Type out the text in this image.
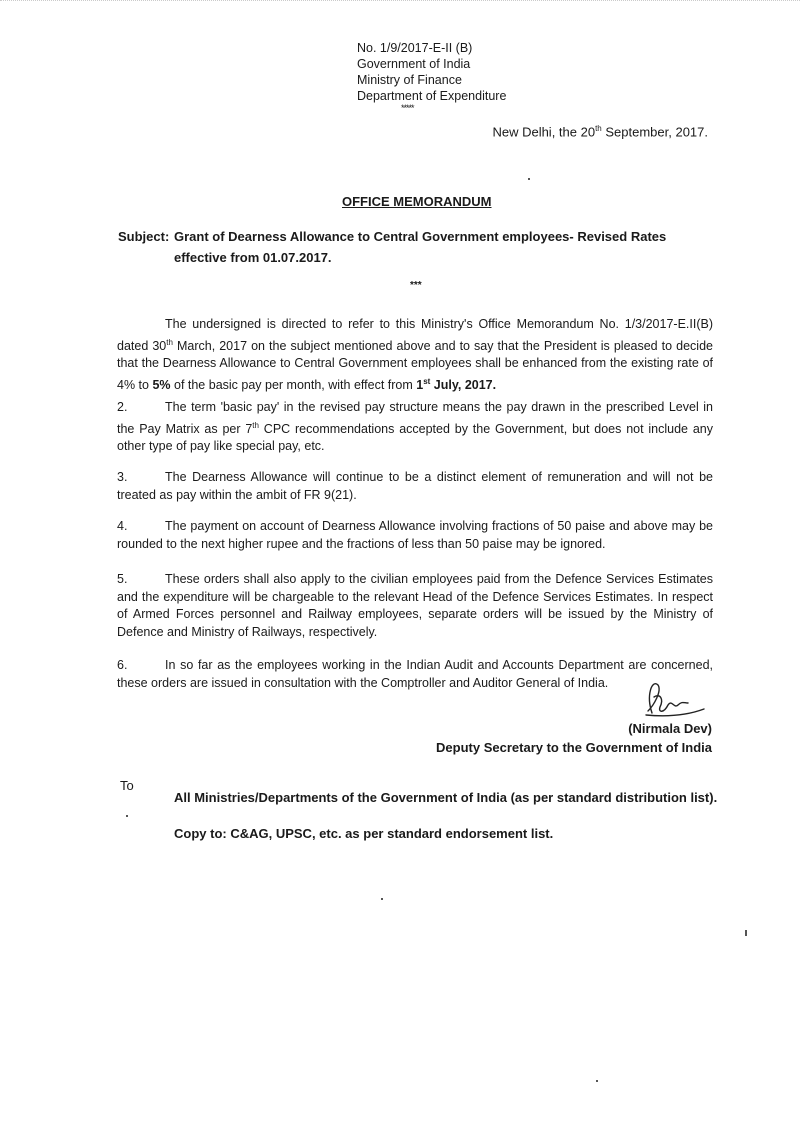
No. 1/9/2017-E-II (B)
Government of India
Ministry of Finance
Department of Expenditure
*****
New Delhi, the 20th September, 2017.
OFFICE MEMORANDUM
Subject: Grant of Dearness Allowance to Central Government employees- Revised Rates effective from 01.07.2017.
***
The undersigned is directed to refer to this Ministry's Office Memorandum No. 1/3/2017-E.II(B) dated 30th March, 2017 on the subject mentioned above and to say that the President is pleased to decide that the Dearness Allowance to Central Government employees shall be enhanced from the existing rate of 4% to 5% of the basic pay per month, with effect from 1st July, 2017.
2.	The term 'basic pay' in the revised pay structure means the pay drawn in the prescribed Level in the Pay Matrix as per 7th CPC recommendations accepted by the Government, but does not include any other type of pay like special pay, etc.
3.	The Dearness Allowance will continue to be a distinct element of remuneration and will not be treated as pay within the ambit of FR 9(21).
4.	The payment on account of Dearness Allowance involving fractions of 50 paise and above may be rounded to the next higher rupee and the fractions of less than 50 paise may be ignored.
5.	These orders shall also apply to the civilian employees paid from the Defence Services Estimates and the expenditure will be chargeable to the relevant Head of the Defence Services Estimates. In respect of Armed Forces personnel and Railway employees, separate orders will be issued by the Ministry of Defence and Ministry of Railways, respectively.
6.	In so far as the employees working in the Indian Audit and Accounts Department are concerned, these orders are issued in consultation with the Comptroller and Auditor General of India.
(Nirmala Dev)
Deputy Secretary to the Government of India
To
All Ministries/Departments of the Government of India (as per standard distribution list).
Copy to: C&AG, UPSC, etc. as per standard endorsement list.
